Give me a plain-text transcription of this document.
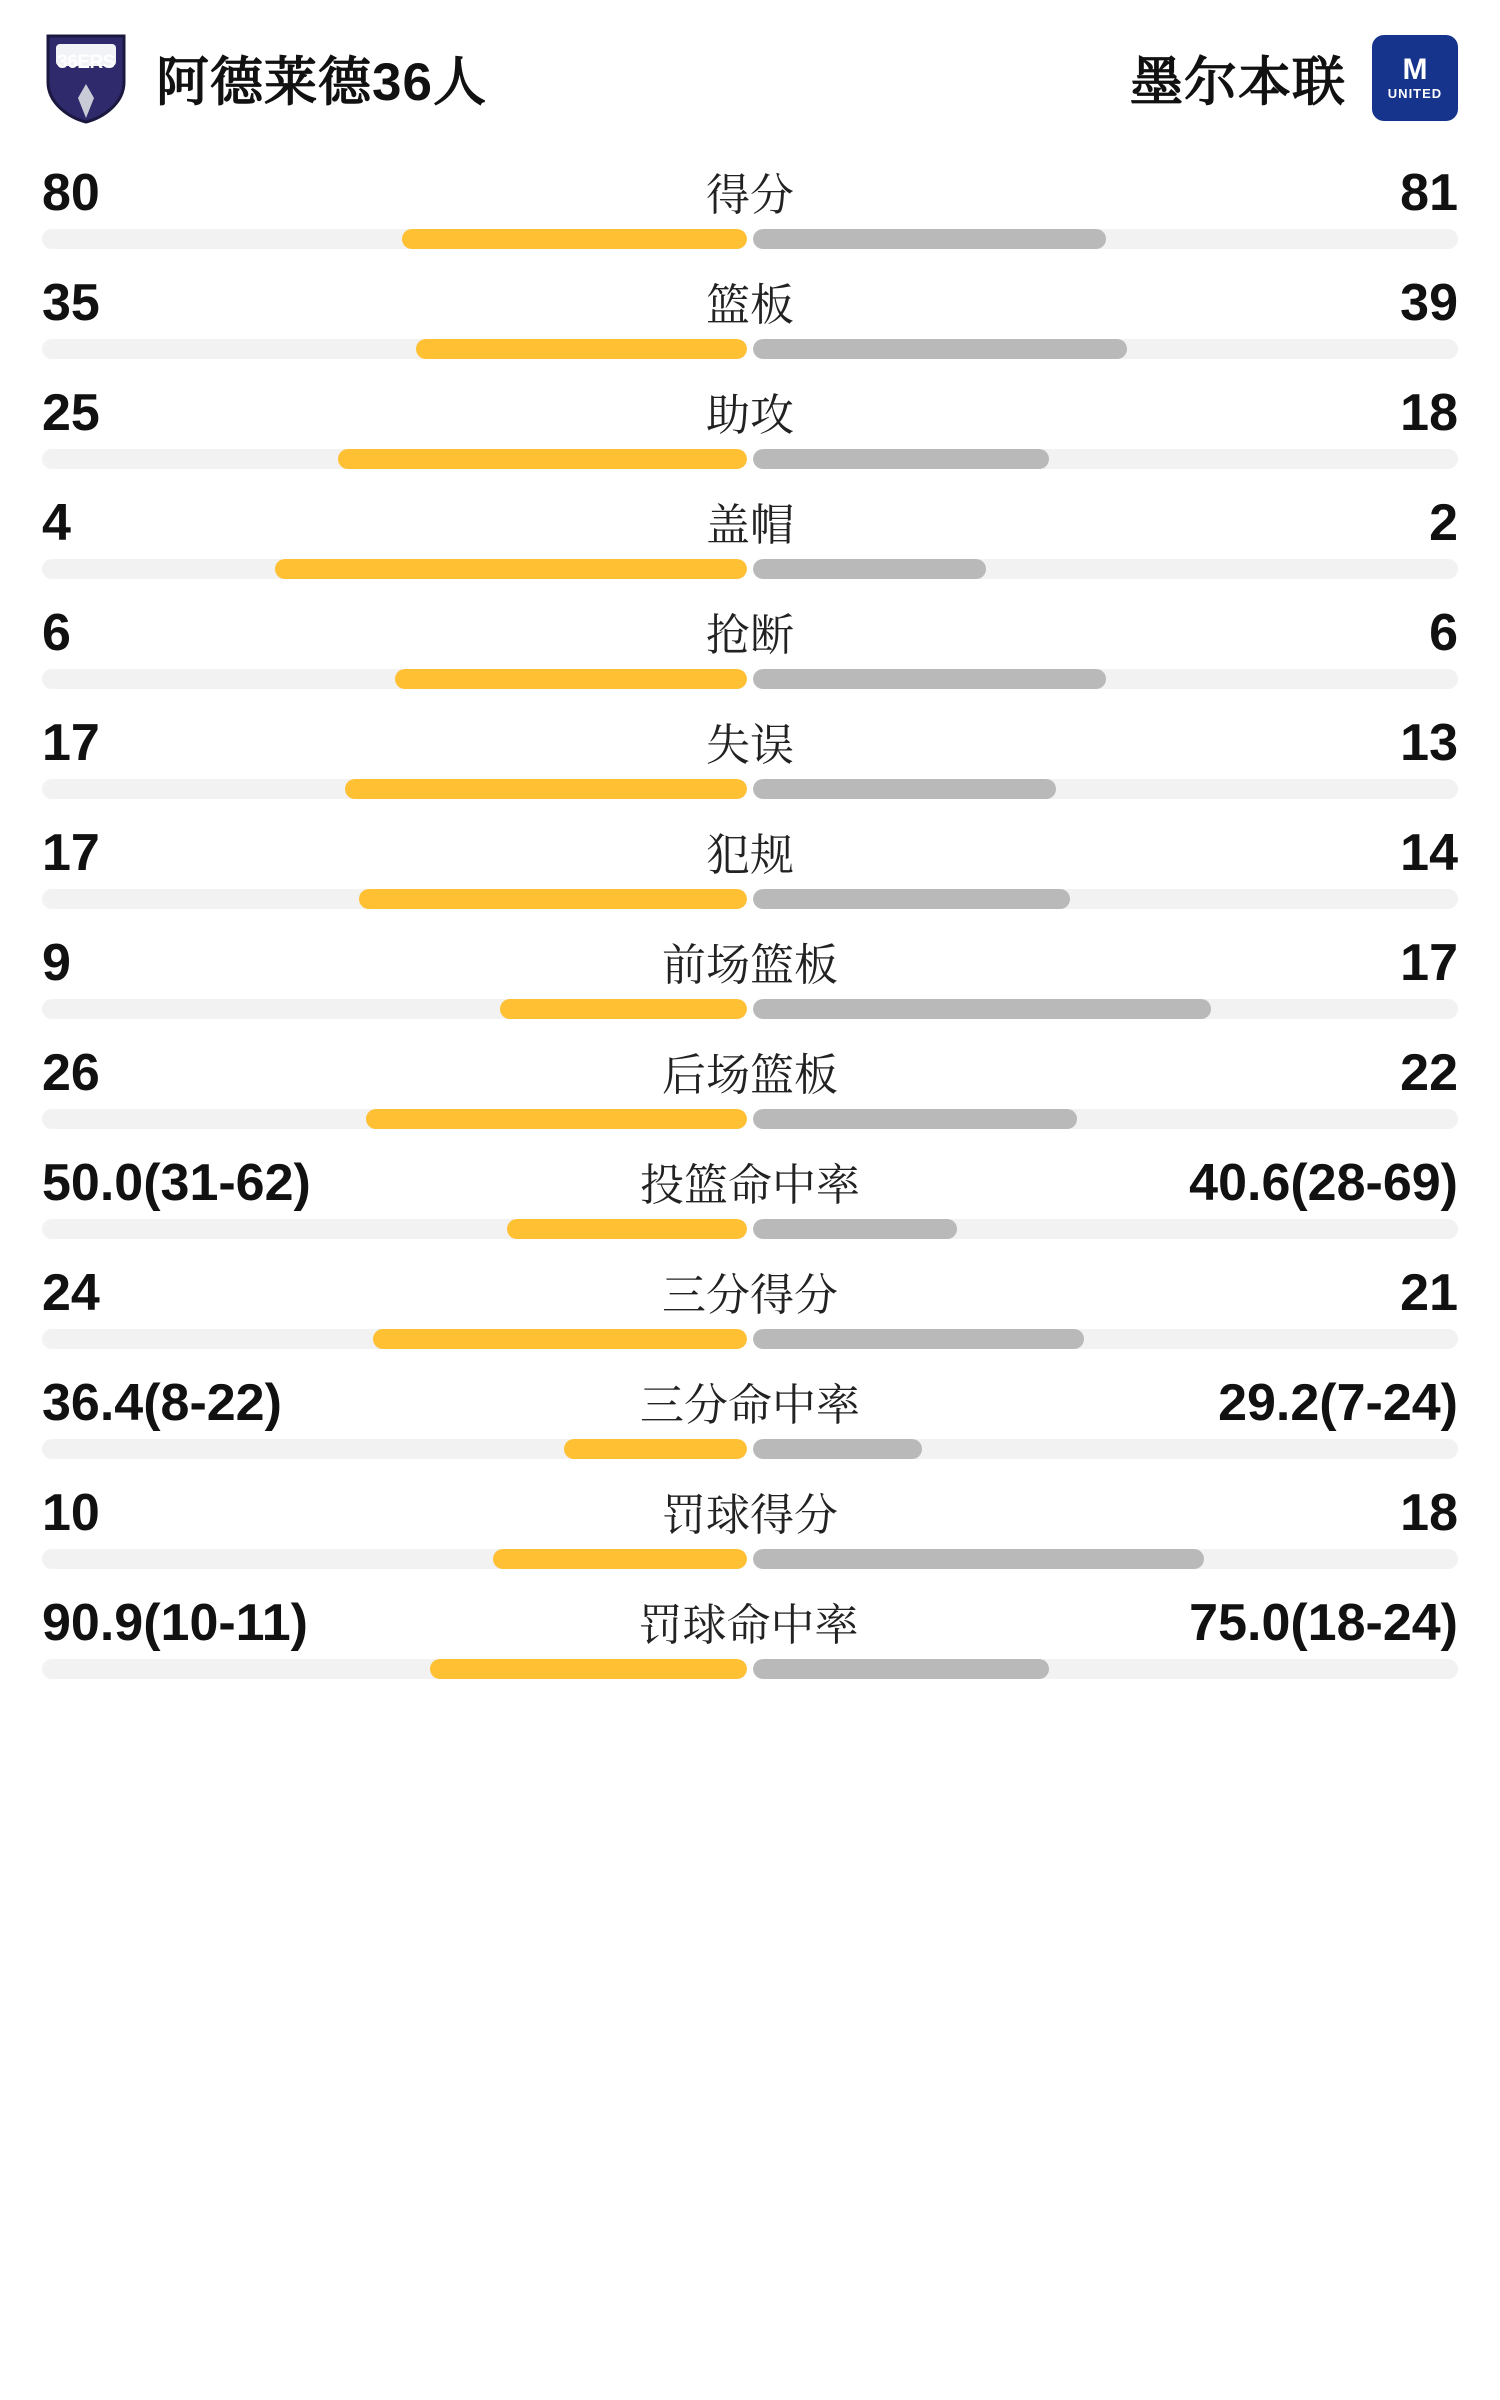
36ERS 阿德莱德36人	墨尔本联 M
UNITED
80	得分	81
35	篮板	39
25	助攻	18
4	盖帽	2
6	抢断	6
17	失误	13
17	犯规	14
9	前场篮板	17
26	后场篮板	22
50.0(31-62)	投篮命中率	40.6(28-69)
24	三分得分	21
36.4(8-22)	三分命中率	29.2(7-24)
10	罚球得分	18
90.9(10-11)	罚球命中率	75.0(18-24)
